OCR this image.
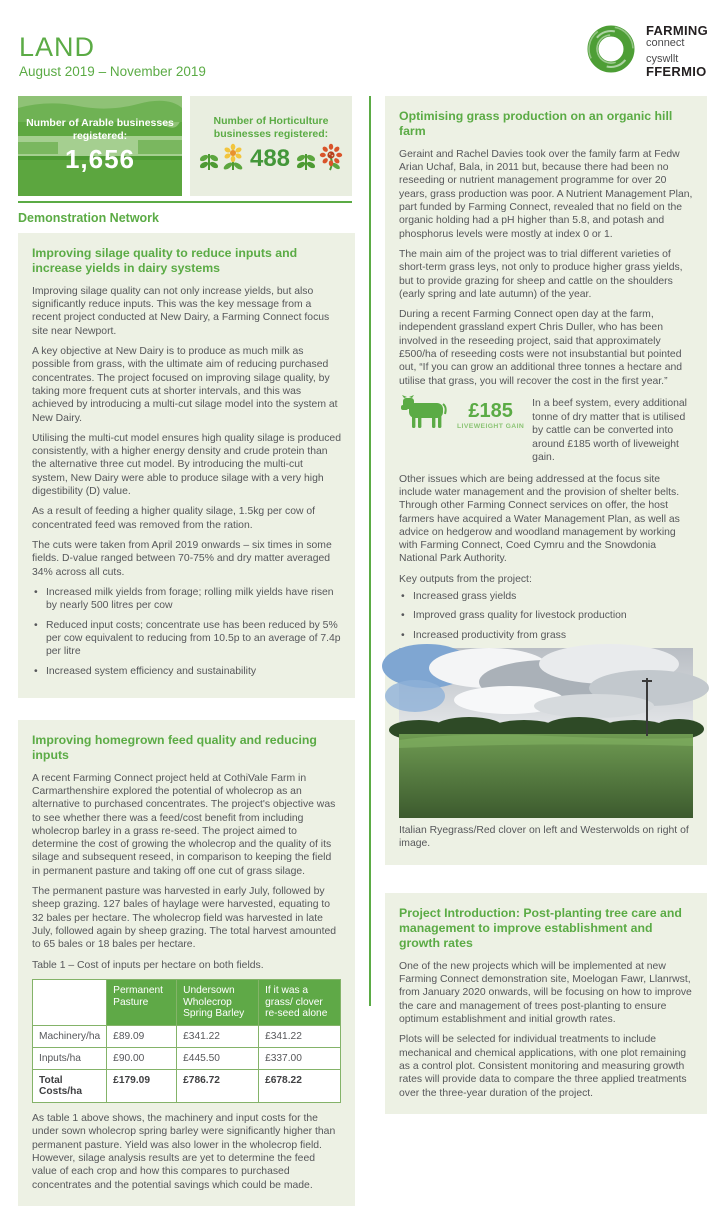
LAND
August 2019 – November 2019
FARMING
connect
cyswllt
FFERMIO
Number of Arable businesses registered:
1,656
Number of Horticulture businesses registered:
488
Demonstration Network
Improving silage quality to reduce inputs and increase yields in dairy systems

Improving silage quality can not only increase yields, but also significantly reduce inputs. This was the key message from a recent project conducted at New Dairy, a Farming Connect focus site near Newport.

A key objective at New Dairy is to produce as much milk as possible from grass, with the ultimate aim of reducing purchased concentrates. The project focused on improving silage quality, by taking more frequent cuts at shorter intervals, and this was achieved by introducing a multi-cut silage model into the system at New Dairy.

Utilising the multi-cut model ensures high quality silage is produced consistently, with a higher energy density and crude protein than the alternative three cut model. By introducing the multi-cut system, New Dairy were able to produce silage with a very high digestibility (D) value.

As a result of feeding a higher quality silage, 1.5kg per cow of concentrated feed was removed from the ration.

The cuts were taken from April 2019 onwards – six times in some fields. D-value ranged between 70-75% and dry matter averaged 34% across all cuts.

• Increased milk yields from forage; rolling milk yields have risen by nearly 500 litres per cow
• Reduced input costs; concentrate use has been reduced by 5% per cow equivalent to reducing from 10.5p to an average of 7.4p per litre
• Increased system efficiency and sustainability
Improving homegrown feed quality and reducing inputs

A recent Farming Connect project held at CothiVale Farm in Carmarthenshire explored the potential of wholecrop as an alternative to purchased concentrates. The project's objective was to see whether there was a feed/cost benefit from including wholecrop barley in a grass re-seed. The project aimed to determine the cost of growing the wholecrop and the quality of its silage and subsequent reseed, in comparison to keeping the field in permanent pasture and taking off one cut of grass silage.

The permanent pasture was harvested in early July, followed by sheep grazing. 127 bales of haylage were harvested, equating to 32 bales per hectare. The wholecrop field was harvested in late July, followed again by sheep grazing. The total harvest amounted to 65 bales or 18 bales per hectare.

Table 1 – Cost of inputs per hectare on both fields.

	Permanent Pasture	Undersown Wholecrop Spring Barley	If it was a grass/ clover re-seed alone
Machinery/ha	£89.09	£341.22	£341.22
Inputs/ha	£90.00	£445.50	£337.00
Total Costs/ha	£179.09	£786.72	£678.22

As table 1 above shows, the machinery and input costs for the under sown wholecrop spring barley were significantly higher than permanent pasture. Yield was also lower in the wholecrop field. However, silage analysis results are yet to determine the feed value of each crop and how this compares to purchased concentrates and the potential savings which could be made.

Optimising grass production on an organic hill farm

Geraint and Rachel Davies took over the family farm at Fedw Arian Uchaf, Bala, in 2011 but, because there had been no reseeding or nutrient management programme for over 20 years, grass production was poor. A Nutrient Management Plan, part funded by Farming Connect, revealed that no field on the organic holding had a pH higher than 5.8, and potash and phosphorus levels were mostly at index 0 or 1.

The main aim of the project was to trial different varieties of short-term grass leys, not only to produce higher grass yields, but to provide grazing for sheep and cattle on the shoulders (early spring and late autumn) of the year.

During a recent Farming Connect open day at the farm, independent grassland expert Chris Duller, who has been involved in the reseeding project, said that approximately £500/ha of reseeding costs were not insubstantial but pointed out, “If you can grow an additional three tonnes a hectare and utilise that grass, you will recover the cost in the first year.”

£185
LIVEWEIGHT GAIN
In a beef system, every additional tonne of dry matter that is utilised by cattle can be converted into around £185 worth of liveweight gain.

Other issues which are being addressed at the focus site include water management and the provision of shelter belts. Through other Farming Connect services on offer, the host farmers have acquired a Water Management Plan, as well as advice on hedgerow and woodland management by working with Farming Connect, Coed Cymru and the Snowdonia National Park Authority.

Key outputs from the project:

• Increased grass yields
• Improved grass quality for livestock production
• Increased productivity from grass

Italian Ryegrass/Red clover on left and Westerwolds on right of image.

Project Introduction: Post-planting tree care and management to improve establishment and growth rates

One of the new projects which will be implemented at new Farming Connect demonstration site, Moelogan Fawr, Llanrwst, from January 2020 onwards, will be focusing on how to improve the care and management of trees post-planting to ensure optimum establishment and initial growth rates.

Plots will be selected for individual treatments to include mechanical and chemical applications, with one plot remaining as a control plot. Consistent monitoring and measuring growth rates will provide data to compare the three applied treatments over the three-year duration of the project.
